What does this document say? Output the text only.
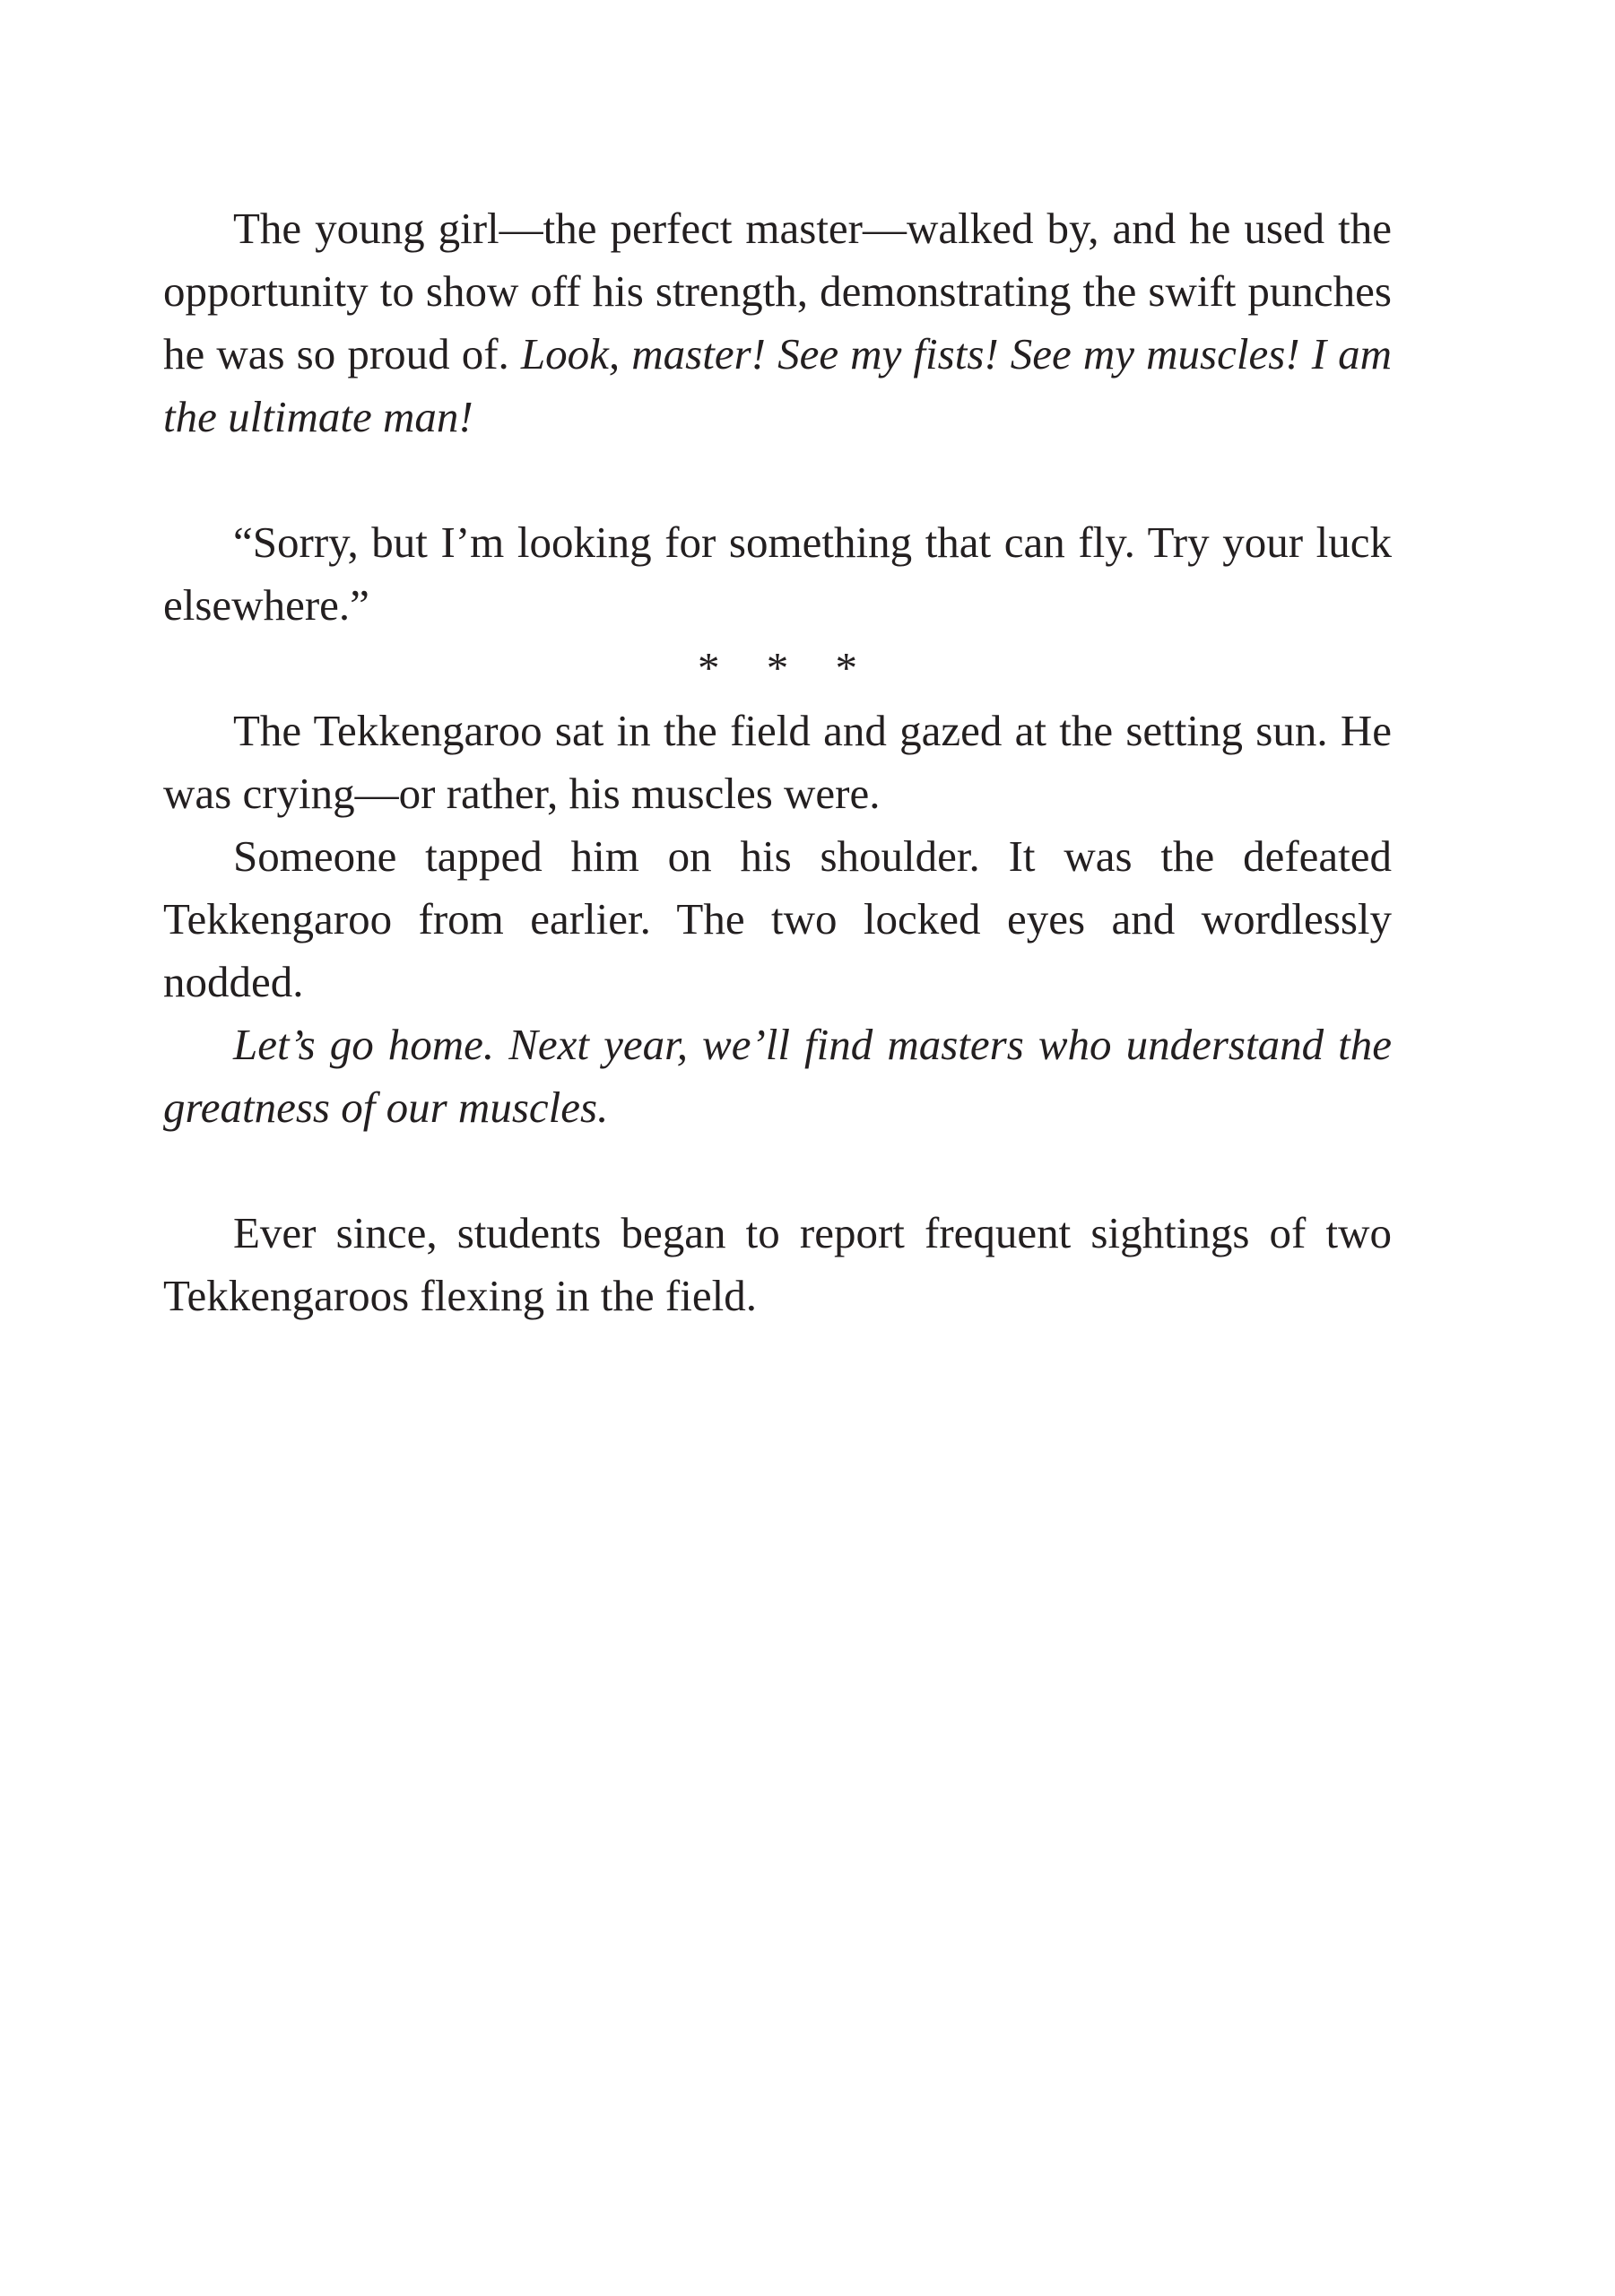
The young girl—the perfect master—walked by, and he used the opportunity to show off his strength, demonstrating the swift punches he was so proud of. Look, master! See my fists! See my muscles! I am the ultimate man!

“Sorry, but I’m looking for something that can fly. Try your luck elsewhere.”

* * *

The Tekkengaroo sat in the field and gazed at the setting sun. He was crying—or rather, his muscles were.

Someone tapped him on his shoulder. It was the defeated Tekkengaroo from earlier. The two locked eyes and wordlessly nodded.

Let’s go home. Next year, we’ll find masters who understand the greatness of our muscles.

Ever since, students began to report frequent sightings of two Tekkengaroos flexing in the field.
